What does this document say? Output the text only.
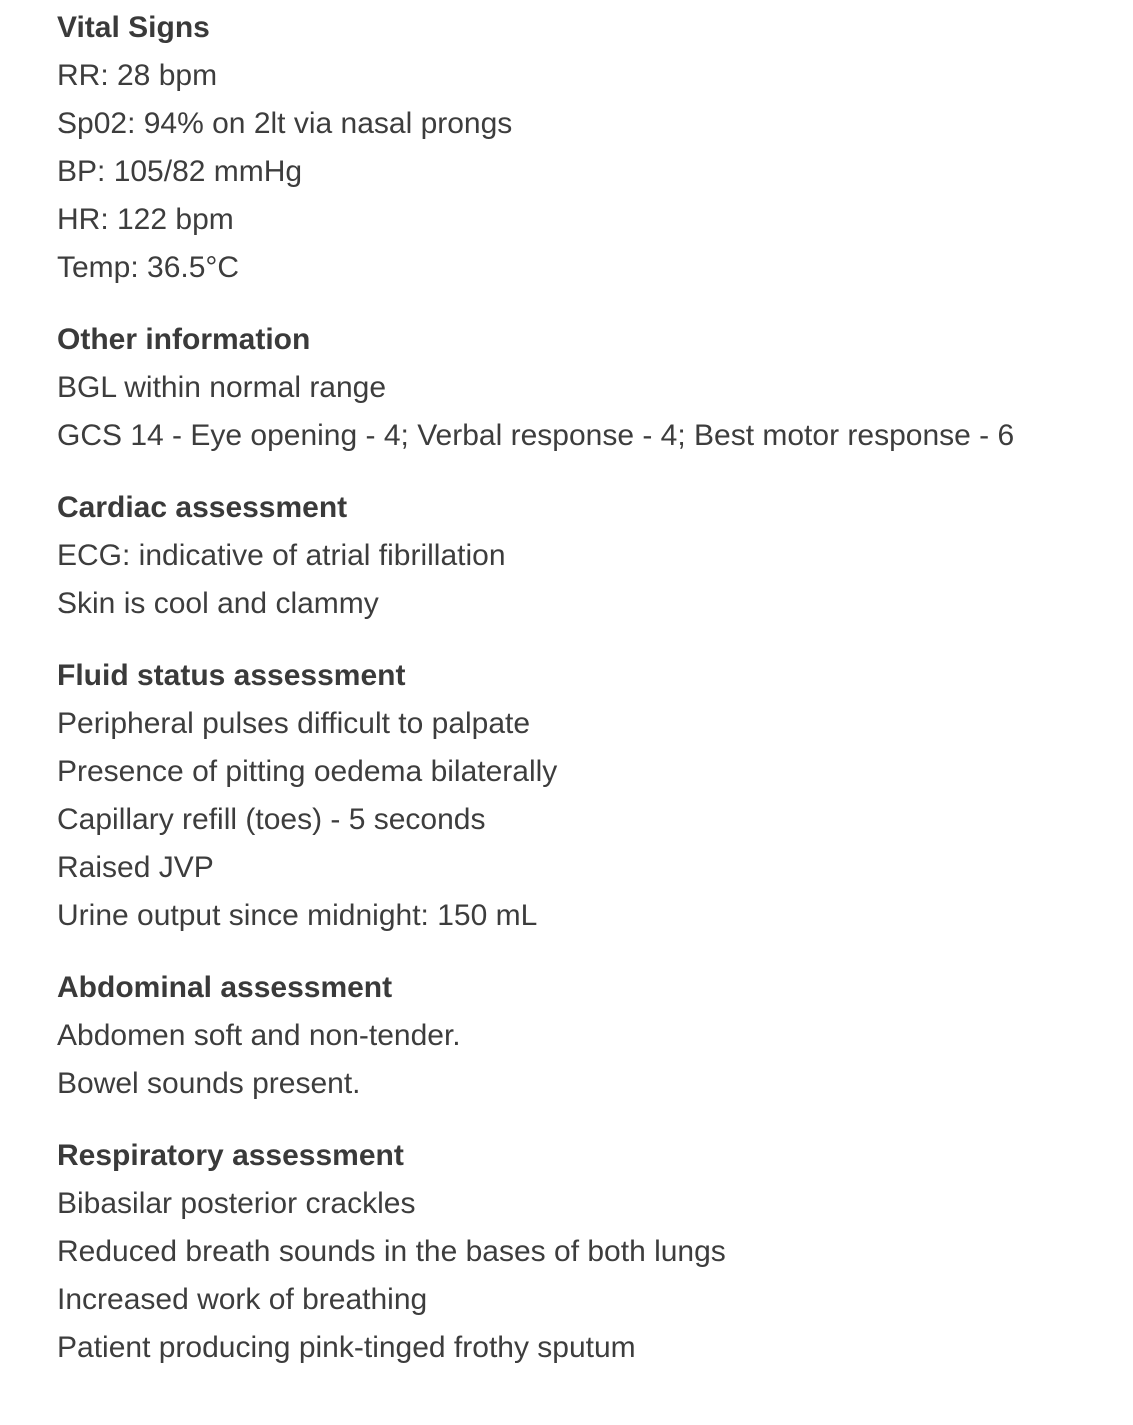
Vital Signs
RR: 28 bpm
Sp02: 94% on 2lt via nasal prongs
BP: 105/82 mmHg
HR: 122 bpm
Temp: 36.5°C
Other information
BGL within normal range
GCS 14 - Eye opening - 4; Verbal response - 4; Best motor response - 6
Cardiac assessment
ECG: indicative of atrial fibrillation
Skin is cool and clammy
Fluid status assessment
Peripheral pulses difficult to palpate
Presence of pitting oedema bilaterally
Capillary refill (toes) - 5 seconds
Raised JVP
Urine output since midnight: 150 mL
Abdominal assessment
Abdomen soft and non-tender.
Bowel sounds present.
Respiratory assessment
Bibasilar posterior crackles
Reduced breath sounds in the bases of both lungs
Increased work of breathing
Patient producing pink-tinged frothy sputum
